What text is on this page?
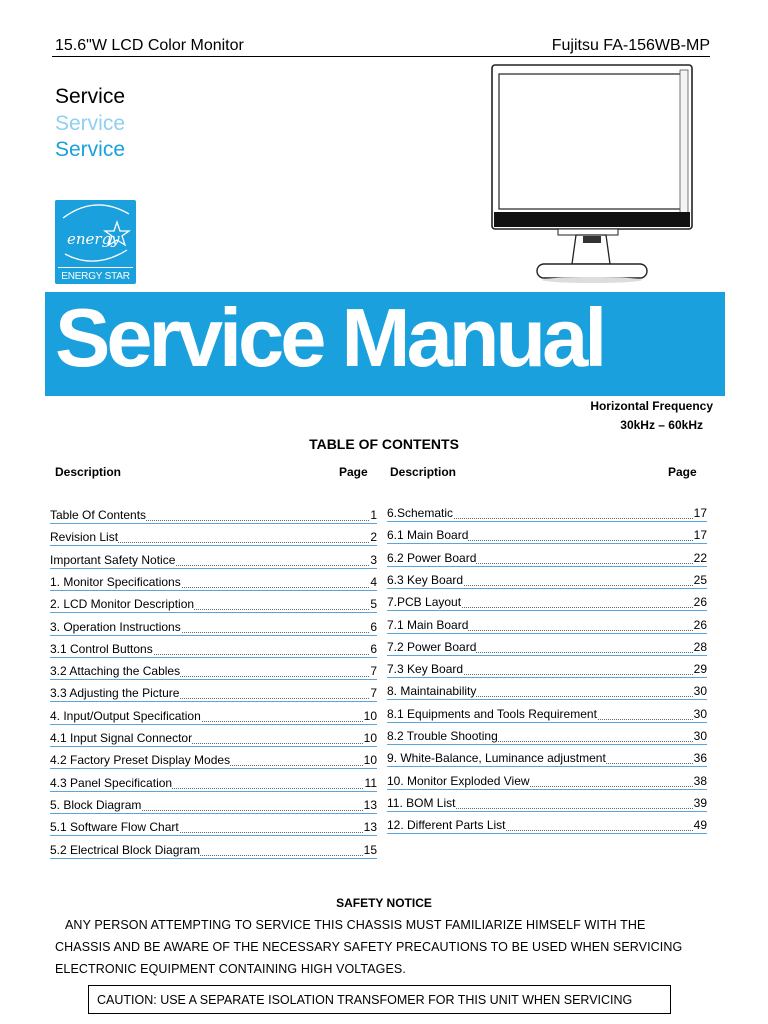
15.6"W LCD Color Monitor	Fujitsu FA-156WB-MP
Service
Service
Service
energy
ENERGY STAR
Service Manual
Horizontal Frequency
30kHz – 60kHz
TABLE OF CONTENTS
Description	Page Description	Page
Table Of Contents	1
Revision List	2
Important Safety Notice	3
1. Monitor Specifications	4
2. LCD Monitor Description	5
3. Operation Instructions	6
3.1 Control Buttons	6
3.2 Attaching the Cables	7
3.3 Adjusting the Picture	7
4. Input/Output Specification	10
4.1 Input Signal Connector	10
4.2 Factory Preset Display Modes	10
4.3 Panel Specification	11
5. Block Diagram	13
5.1 Software Flow Chart	13
5.2 Electrical Block Diagram	15
6.Schematic	17
6.1 Main Board	17
6.2 Power Board	22
6.3 Key Board	25
7.PCB Layout	26
7.1 Main Board	26
7.2 Power Board	28
7.3 Key Board	29
8. Maintainability	30
8.1 Equipments and Tools Requirement	30
8.2 Trouble Shooting	30
9. White-Balance, Luminance adjustment	36
10. Monitor Exploded View	38
11. BOM List	39
12. Different Parts List	49
SAFETY NOTICE
ANY PERSON ATTEMPTING TO SERVICE THIS CHASSIS MUST FAMILIARIZE HIMSELF WITH THE
CHASSIS AND BE AWARE OF THE NECESSARY SAFETY PRECAUTIONS TO BE USED WHEN SERVICING
ELECTRONIC EQUIPMENT CONTAINING HIGH VOLTAGES.
CAUTION: USE A SEPARATE ISOLATION TRANSFOMER FOR THIS UNIT WHEN SERVICING
